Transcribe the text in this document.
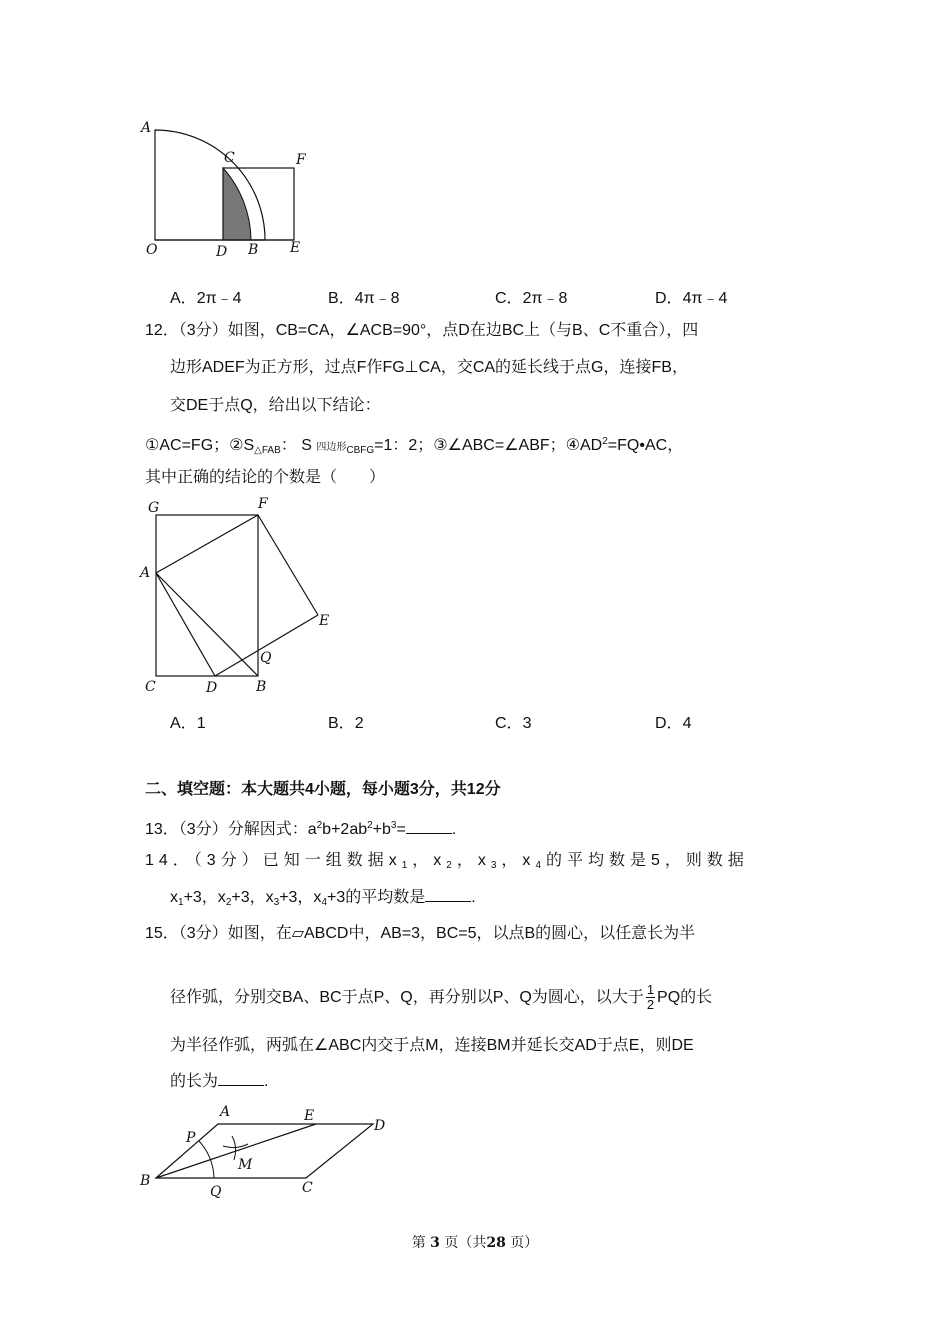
A
C	F
O	D B E
A．2π﹣4	B．4π﹣8	C．2π﹣8	D．4π﹣4
12．（3分）如图，CB=CA，∠ACB=90°，点D在边BC上（与B、C不重合），四
边形ADEF为正方形，过点F作FG⊥CA，交CA的延长线于点G，连接FB，
交DE于点Q，给出以下结论：
①AC=FG；$②S_{\triangle FAB}$： S 四边形$_{CBFG}$=1：2；③∠ABC=∠ABF；$④AD^2=FQ•AC$，
其中正确的结论的个数是（　　）
G	F
A
E
Q
C	D	B
A．1	B．2	C．3	D．4
二、填空题：本大题共4小题，每小题3分，共12分
13．（3分）分解因式：$a^2b+2ab^2+b^3=$	.
14．（3分）已知一组数据$x_1$，$x_2$，$x_3$，$x_4$的平均数是5，则数据
$x_1+3$，$x_2+3$，$x_3+3$，$x_4+3$的平均数是	.
15．（3分）如图，在▱ABCD中，AB=3，BC=5，以点B的圆心，以任意长为半
径作弧，分别交BA、BC于点P、Q，再分别以P、Q为圆心，以大于 $\frac{1}{2}$ PQ的长
为半径作弧，两弧在∠ABC内交于点M，连接BM并延长交AD于点E，则DE
的长为	.
A	E
D
P
M
B
Q	C
第 3 页（共28 页）
